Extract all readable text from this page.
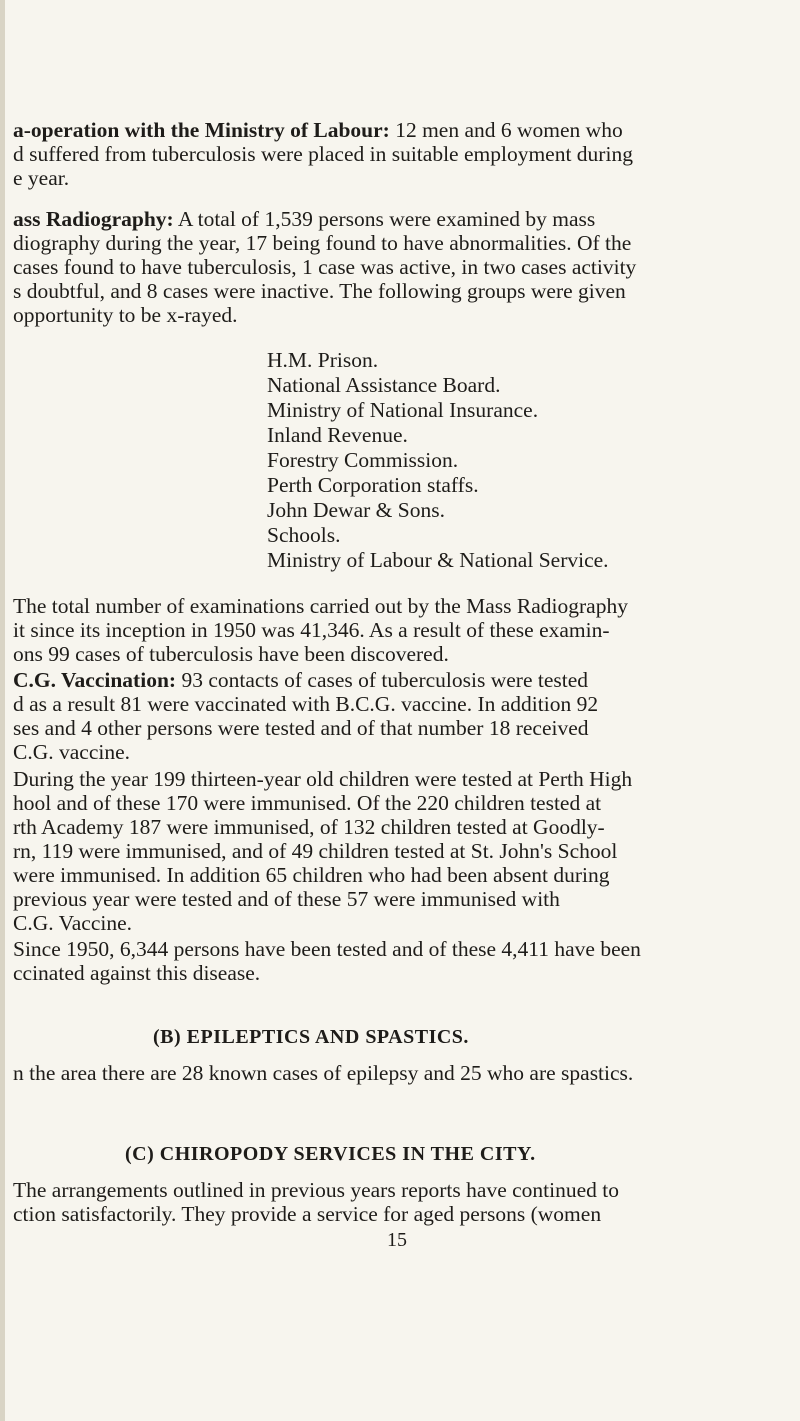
a-operation with the Ministry of Labour: 12 men and 6 women who
d suffered from tuberculosis were placed in suitable employment during
e year.
ass Radiography: A total of 1,539 persons were examined by mass
diography during the year, 17 being found to have abnormalities. Of the
cases found to have tuberculosis, 1 case was active, in two cases activity
s doubtful, and 8 cases were inactive. The following groups were given
opportunity to be x-rayed.
H.M. Prison.
National Assistance Board.
Ministry of National Insurance.
Inland Revenue.
Forestry Commission.
Perth Corporation staffs.
John Dewar & Sons.
Schools.
Ministry of Labour & National Service.
The total number of examinations carried out by the Mass Radiography
it since its inception in 1950 was 41,346. As a result of these examin-
ons 99 cases of tuberculosis have been discovered.
C.G. Vaccination: 93 contacts of cases of tuberculosis were tested
d as a result 81 were vaccinated with B.C.G. vaccine. In addition 92
ses and 4 other persons were tested and of that number 18 received
C.G. vaccine.
During the year 199 thirteen-year old children were tested at Perth High
hool and of these 170 were immunised. Of the 220 children tested at
rth Academy 187 were immunised, of 132 children tested at Goodly-
rn, 119 were immunised, and of 49 children tested at St. John's School
were immunised. In addition 65 children who had been absent during
previous year were tested and of these 57 were immunised with
C.G. Vaccine.
Since 1950, 6,344 persons have been tested and of these 4,411 have been
ccinated against this disease.
(B) EPILEPTICS AND SPASTICS.
n the area there are 28 known cases of epilepsy and 25 who are spastics.
(C) CHIROPODY SERVICES IN THE CITY.
The arrangements outlined in previous years reports have continued to
ction satisfactorily. They provide a service for aged persons (women
15
